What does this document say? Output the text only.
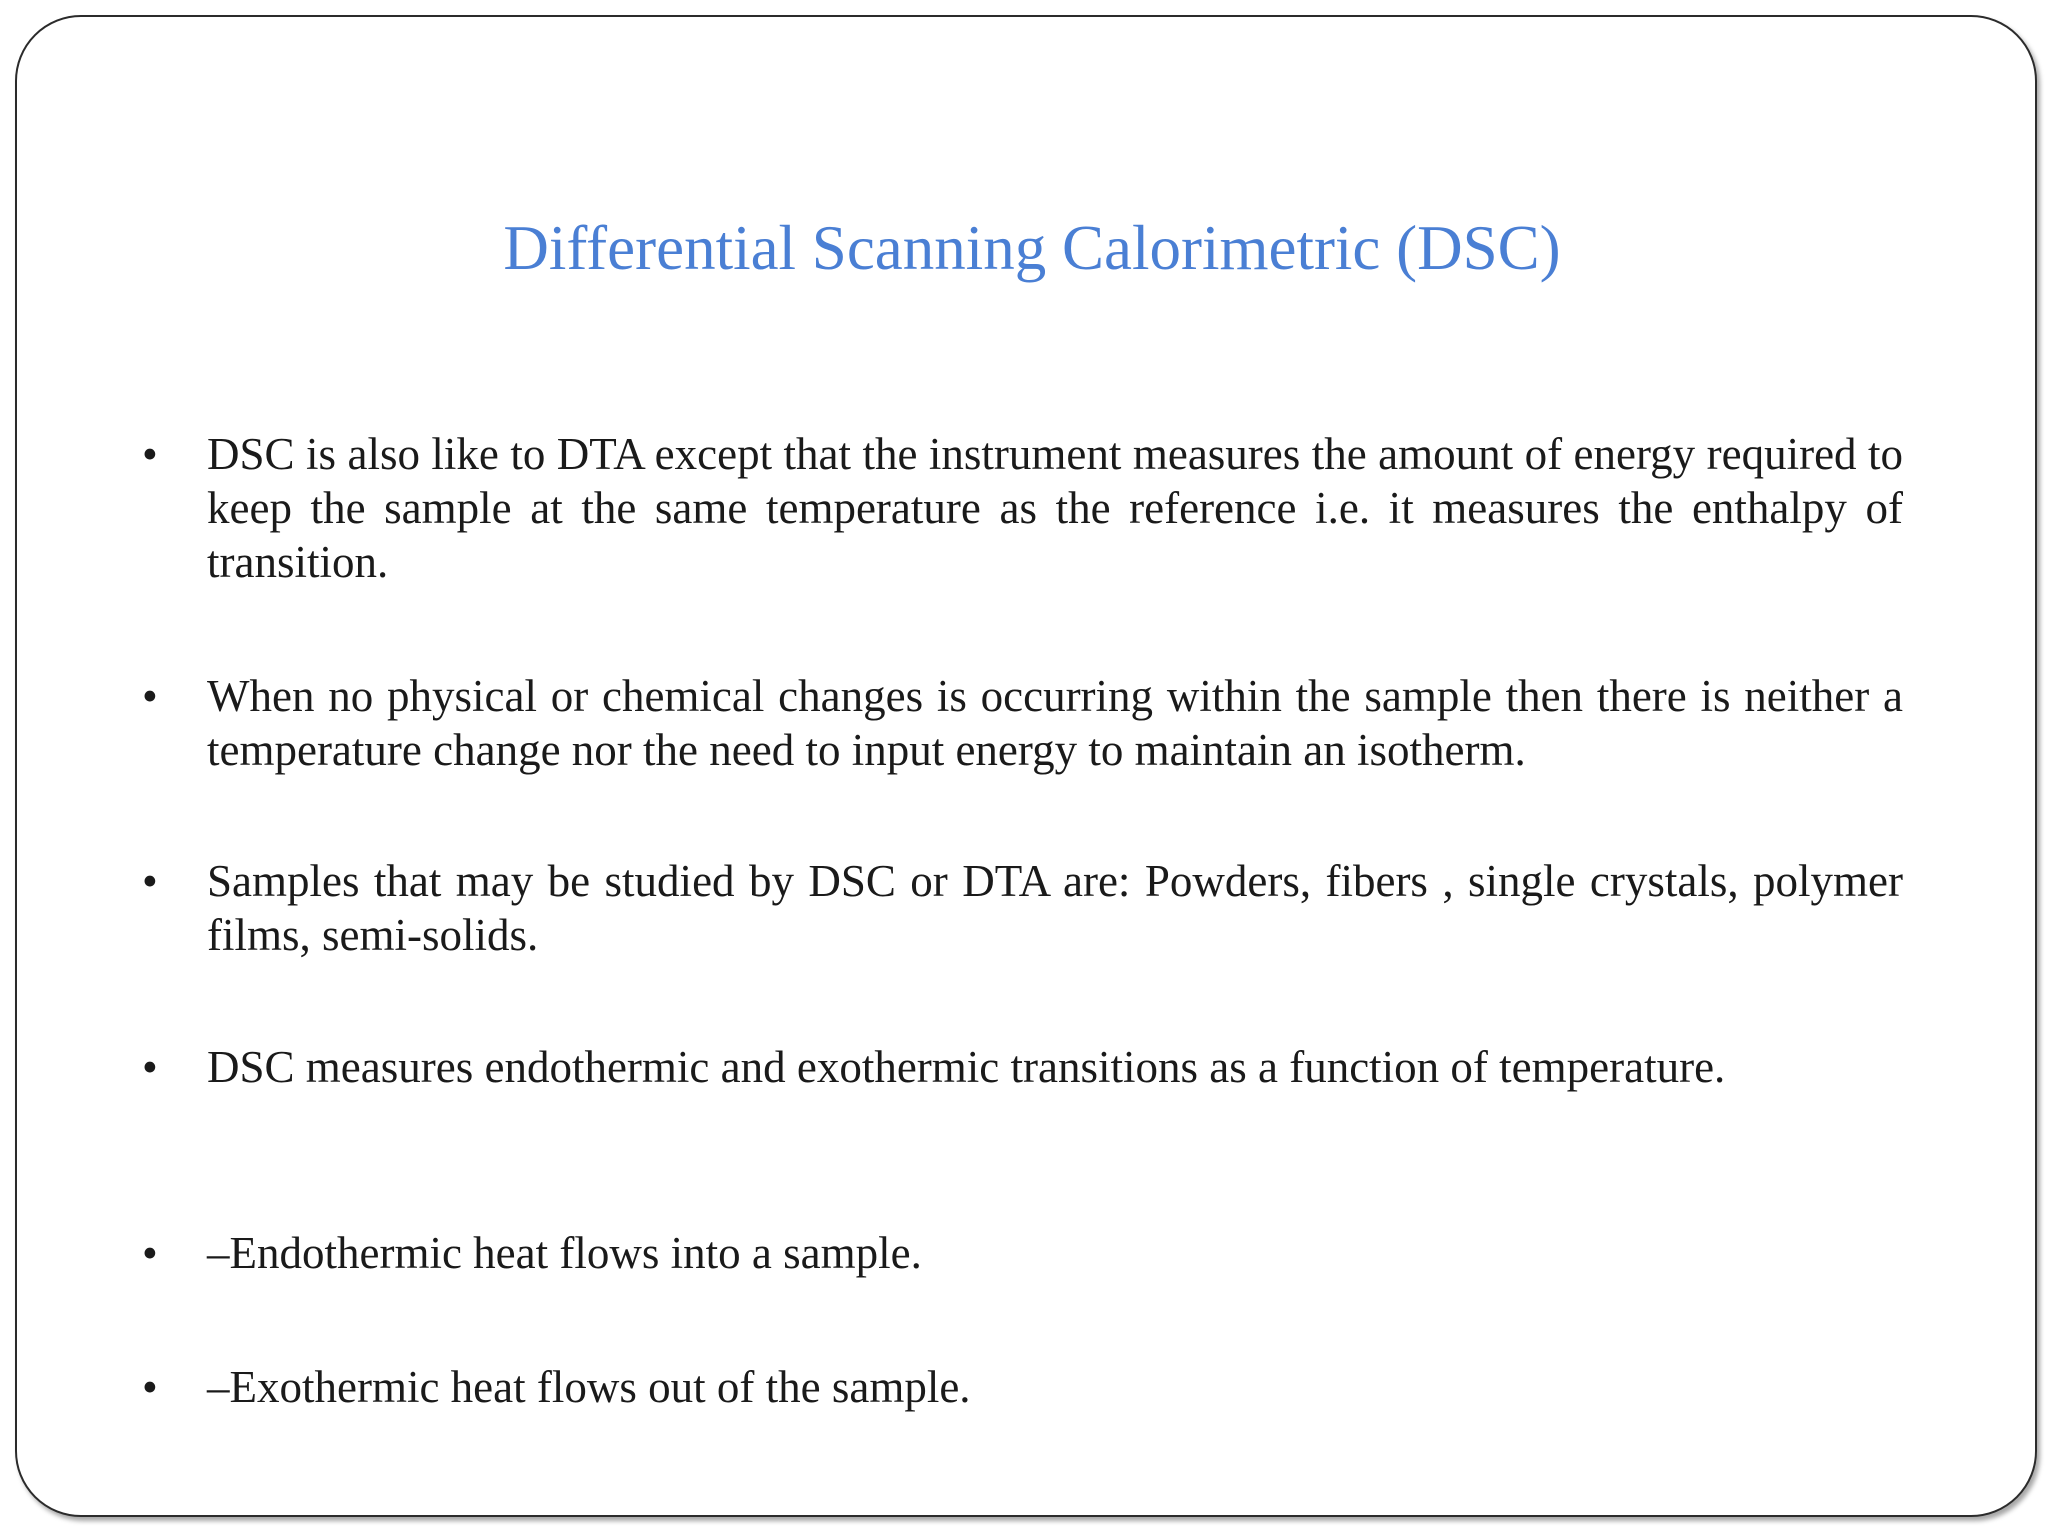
Differential Scanning Calorimetric (DSC)
• DSC is also like to DTA except that the instrument measures the amount of energy required to keep the sample at the same temperature as the reference i.e. it measures the enthalpy of transition.
• When no physical or chemical changes is occurring within the sample then there is neither a temperature change nor the need to input energy to maintain an isotherm.
• Samples that may be studied by DSC or DTA are: Powders, fibers , single crystals, polymer films, semi-solids.
• DSC measures endothermic and exothermic transitions as a function of temperature.
• –Endothermic heat flows into a sample.
• –Exothermic heat flows out of the sample.
